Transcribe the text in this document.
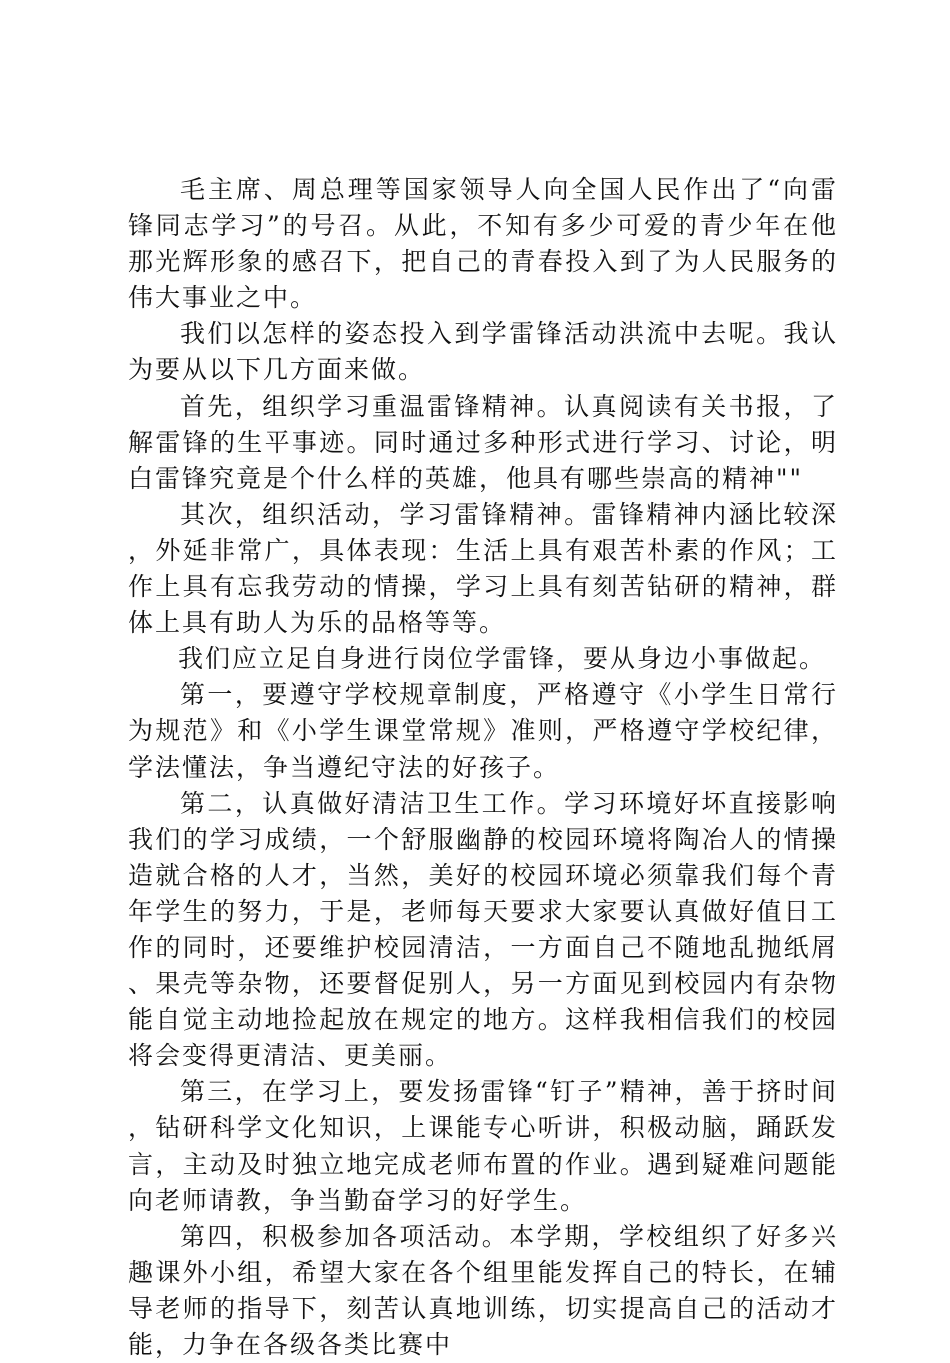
毛主席、周总理等国家领导人向全国人民作出了“向雷锋同志学习”的号召。从此，不知有多少可爱的青少年在他那光辉形象的感召下，把自己的青春投入到了为人民服务的伟大事业之中。

我们以怎样的姿态投入到学雷锋活动洪流中去呢。我认为要从以下几方面来做。

首先，组织学习重温雷锋精神。认真阅读有关书报，了解雷锋的生平事迹。同时通过多种形式进行学习、讨论，明白雷锋究竟是个什么样的英雄，他具有哪些崇高的精神""

其次，组织活动，学习雷锋精神。雷锋精神内涵比较深，外延非常广，具体表现：生活上具有艰苦朴素的作风；工作上具有忘我劳动的情操，学习上具有刻苦钻研的精神，群体上具有助人为乐的品格等等。

我们应立足自身进行岗位学雷锋，要从身边小事做起。

第一，要遵守学校规章制度，严格遵守《小学生日常行为规范》和《小学生课堂常规》准则，严格遵守学校纪律，学法懂法，争当遵纪守法的好孩子。

第二，认真做好清洁卫生工作。学习环境好坏直接影响我们的学习成绩，一个舒服幽静的校园环境将陶冶人的情操造就合格的人才，当然，美好的校园环境必须靠我们每个青年学生的努力，于是，老师每天要求大家要认真做好值日工作的同时，还要维护校园清洁，一方面自己不随地乱抛纸屑、果壳等杂物，还要督促别人，另一方面见到校园内有杂物能自觉主动地捡起放在规定的地方。这样我相信我们的校园将会变得更清洁、更美丽。

第三，在学习上，要发扬雷锋“钉子”精神，善于挤时间，钻研科学文化知识，上课能专心听讲，积极动脑，踊跃发言，主动及时独立地完成老师布置的作业。遇到疑难问题能向老师请教，争当勤奋学习的好学生。

第四，积极参加各项活动。本学期，学校组织了好多兴趣课外小组，希望大家在各个组里能发挥自己的特长，在辅导老师的指导下，刻苦认真地训练，切实提高自己的活动才能，力争在各级各类比赛中
